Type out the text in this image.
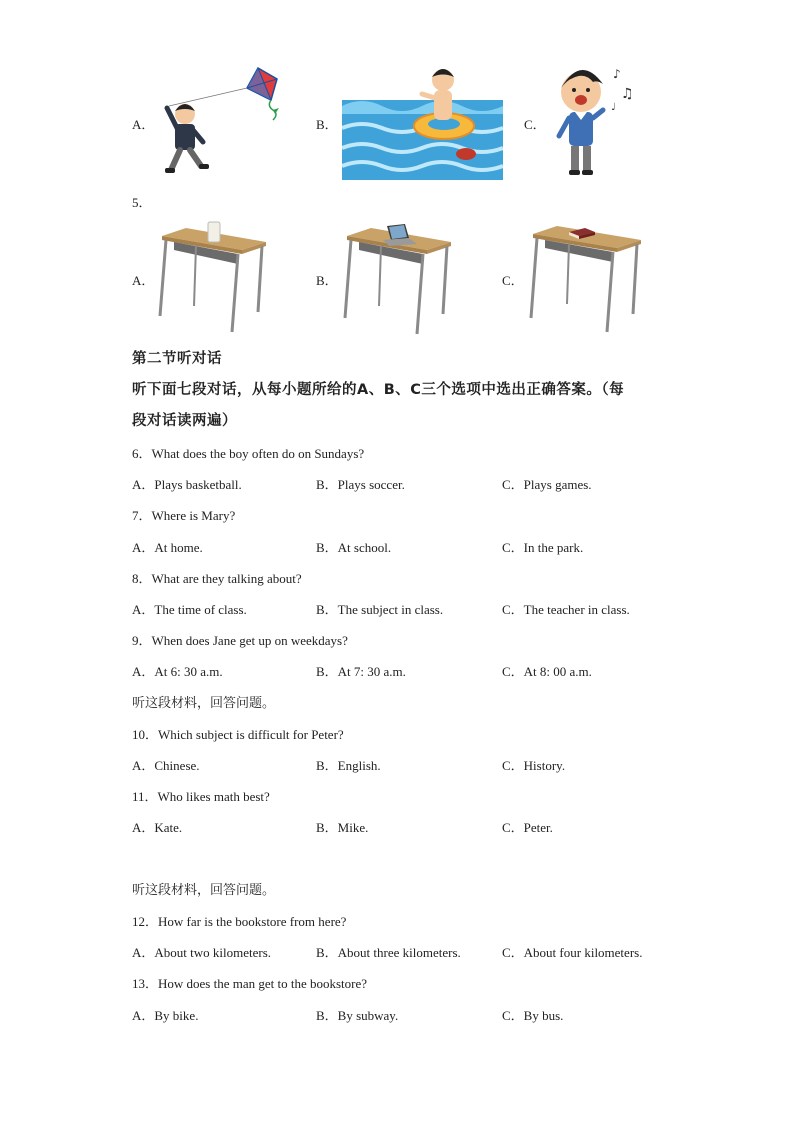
A．	B．	C．
♪
♫
♩
5．
A．	B．	C．
第二节听对话
听下面七段对话，从每小题所给的A、B、C三个选项中选出正确答案。（每
段对话读两遍）
6．What does the boy often do on Sundays?
A．Plays basketball.	B．Plays soccer.	C．Plays games.
7．Where is Mary?
A．At home.	B．At school.	C．In the park.
8．What are they talking about?
A．The time of class.	B．The subject in class.	C．The teacher in class.
9．When does Jane get up on weekdays?
A．At 6: 30 a.m.	B．At 7: 30 a.m.	C．At 8: 00 a.m.
听这段材料，回答问题。
10．Which subject is difficult for Peter?
A．Chinese.	B．English.	C．History.
11．Who likes math best?
A．Kate.	B．Mike.	C．Peter.
听这段材料，回答问题。
12．How far is the bookstore from here?
A．About two kilometers.	B．About three kilometers.	C．About four kilometers.
13．How does the man get to the bookstore?
A．By bike.	B．By subway.	C．By bus.
